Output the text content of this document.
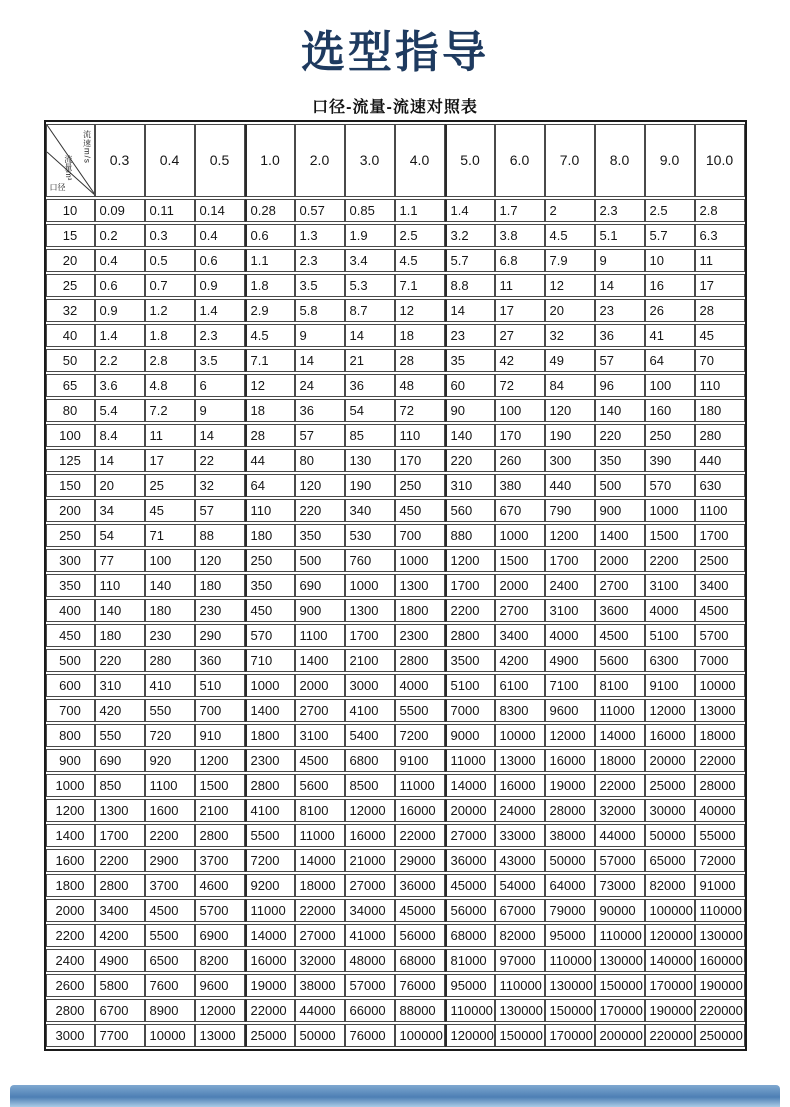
选型指导
口径-流量-流速对照表
流速m/s
流量m³
口径	0.3	0.4	0.5	1.0	2.0	3.0	4.0	5.0	6.0	7.0	8.0	9.0	10.0
10	0.09	0.11	0.14	0.28	0.57	0.85	1.1	1.4	1.7	2	2.3	2.5	2.8
15	0.2	0.3	0.4	0.6	1.3	1.9	2.5	3.2	3.8	4.5	5.1	5.7	6.3
20	0.4	0.5	0.6	1.1	2.3	3.4	4.5	5.7	6.8	7.9	9	10	11
25	0.6	0.7	0.9	1.8	3.5	5.3	7.1	8.8	11	12	14	16	17
32	0.9	1.2	1.4	2.9	5.8	8.7	12	14	17	20	23	26	28
40	1.4	1.8	2.3	4.5	9	14	18	23	27	32	36	41	45
50	2.2	2.8	3.5	7.1	14	21	28	35	42	49	57	64	70
65	3.6	4.8	6	12	24	36	48	60	72	84	96	100	110
80	5.4	7.2	9	18	36	54	72	90	100	120	140	160	180
100	8.4	11	14	28	57	85	110	140	170	190	220	250	280
125	14	17	22	44	80	130	170	220	260	300	350	390	440
150	20	25	32	64	120	190	250	310	380	440	500	570	630
200	34	45	57	110	220	340	450	560	670	790	900	1000	1100
250	54	71	88	180	350	530	700	880	1000	1200	1400	1500	1700
300	77	100	120	250	500	760	1000	1200	1500	1700	2000	2200	2500
350	110	140	180	350	690	1000	1300	1700	2000	2400	2700	3100	3400
400	140	180	230	450	900	1300	1800	2200	2700	3100	3600	4000	4500
450	180	230	290	570	1100	1700	2300	2800	3400	4000	4500	5100	5700
500	220	280	360	710	1400	2100	2800	3500	4200	4900	5600	6300	7000
600	310	410	510	1000	2000	3000	4000	5100	6100	7100	8100	9100	10000
700	420	550	700	1400	2700	4100	5500	7000	8300	9600	11000	12000	13000
800	550	720	910	1800	3100	5400	7200	9000	10000	12000	14000	16000	18000
900	690	920	1200	2300	4500	6800	9100	11000	13000	16000	18000	20000	22000
1000	850	1100	1500	2800	5600	8500	11000	14000	16000	19000	22000	25000	28000
1200	1300	1600	2100	4100	8100	12000	16000	20000	24000	28000	32000	30000	40000
1400	1700	2200	2800	5500	11000	16000	22000	27000	33000	38000	44000	50000	55000
1600	2200	2900	3700	7200	14000	21000	29000	36000	43000	50000	57000	65000	72000
1800	2800	3700	4600	9200	18000	27000	36000	45000	54000	64000	73000	82000	91000
2000	3400	4500	5700	11000	22000	34000	45000	56000	67000	79000	90000	100000	110000
2200	4200	5500	6900	14000	27000	41000	56000	68000	82000	95000	110000	120000	130000
2400	4900	6500	8200	16000	32000	48000	68000	81000	97000	110000	130000	140000	160000
2600	5800	7600	9600	19000	38000	57000	76000	95000	110000	130000	150000	170000	190000
2800	6700	8900	12000	22000	44000	66000	88000	110000	130000	150000	170000	190000	220000
3000	7700	10000	13000	25000	50000	76000	100000	120000	150000	170000	200000	220000	250000
